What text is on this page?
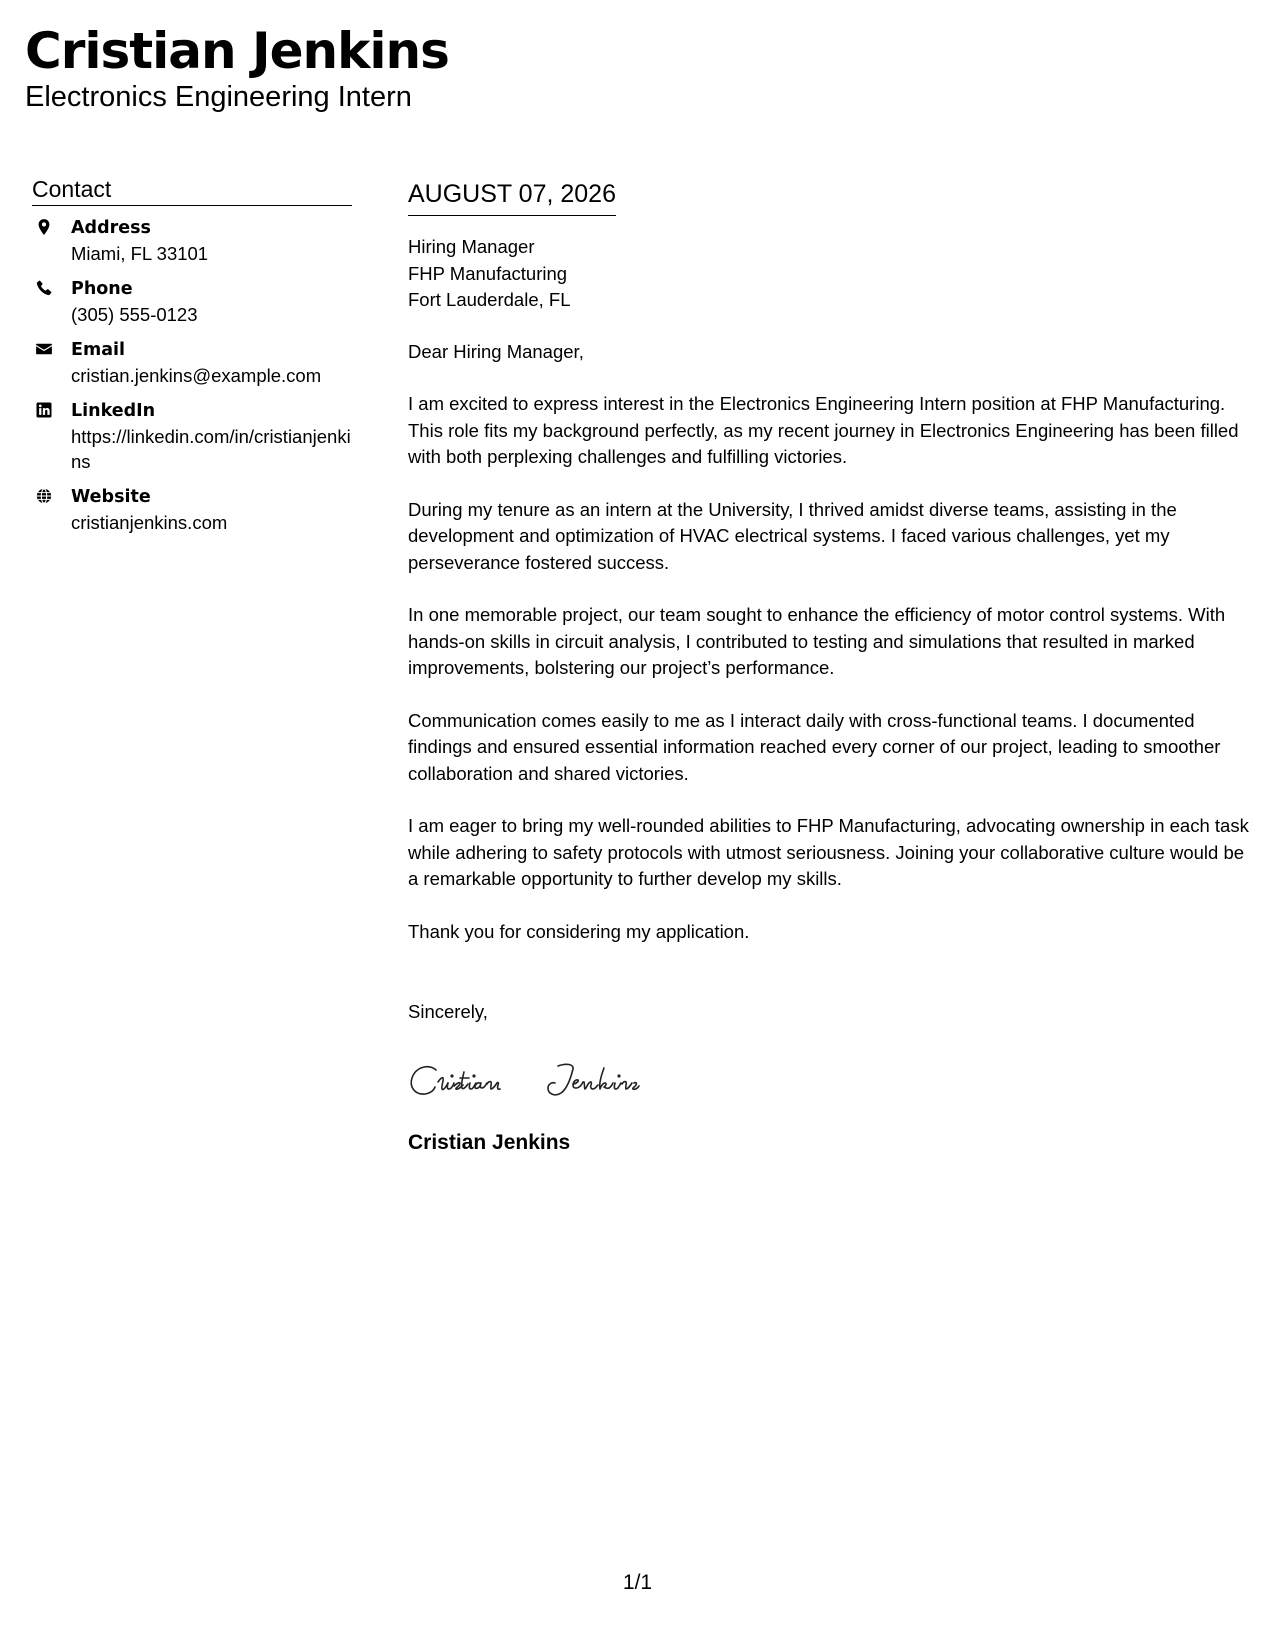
Cristian Jenkins
Electronics Engineering Intern
Contact
Address
Miami, FL 33101
Phone
(305) 555-0123
Email
cristian.jenkins@example.com
LinkedIn
https://linkedin.com/in/cristianjenkins
Website
cristianjenkins.com
AUGUST 07, 2026
Hiring Manager
FHP Manufacturing
Fort Lauderdale, FL
Dear Hiring Manager,
I am excited to express interest in the Electronics Engineering Intern position at FHP Manufacturing. This role fits my background perfectly, as my recent journey in Electronics Engineering has been filled with both perplexing challenges and fulfilling victories.
During my tenure as an intern at the University, I thrived amidst diverse teams, assisting in the development and optimization of HVAC electrical systems. I faced various challenges, yet my perseverance fostered success.
In one memorable project, our team sought to enhance the efficiency of motor control systems. With hands-on skills in circuit analysis, I contributed to testing and simulations that resulted in marked improvements, bolstering our project’s performance.
Communication comes easily to me as I interact daily with cross-functional teams. I documented findings and ensured essential information reached every corner of our project, leading to smoother collaboration and shared victories.
I am eager to bring my well-rounded abilities to FHP Manufacturing, advocating ownership in each task while adhering to safety protocols with utmost seriousness. Joining your collaborative culture would be a remarkable opportunity to further develop my skills.
Thank you for considering my application.
Sincerely,
Cristian Jenkins
1/1
